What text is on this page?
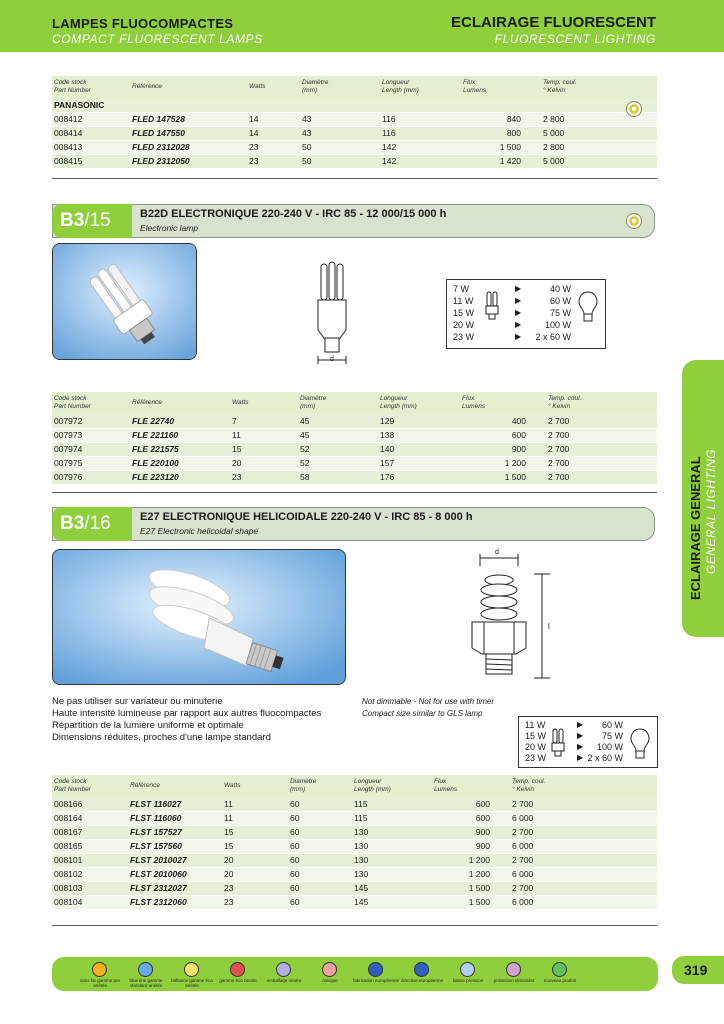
LAMPES FLUOCOMPACTES
COMPACT FLUORESCENT LAMPS
ECLAIRAGE FLUORESCENT
FLUORESCENT LIGHTING
Code stock
Part Number	Référence	Watts	Diamètre
(mm)	Longueur
Length (mm)	Flux
Lumens	Temp. coul.
° Kelvin
PANASONIC						
008412	FLED 147528	14	43	116	840	2 800
008414	FLED 147550	14	43	116	800	5 000
008413	FLED 2312028	23	50	142	1 500	2 800
008415	FLED 2312050	23	50	142	1 420	5 000
B3/15	B22D ELECTRONIQUE 220-240 V - IRC 85 - 12 000/15 000 h
Electronic lamp
d
7 W	▶	40 W
11 W	▶	60 W
15 W	▶	75 W
20 W	▶	100 W
23 W	▶ 2 x 60 W
Code stock
Part Number	Référence	Watts	Diamètre
(mm)	Longueur
Length (mm)	Flux
Lumens	Temp. coul.
° Kelvin
007972	FLE 22740	7	45	129	400	2 700
007973	FLE 221160	11	45	138	600	2 700
007974	FLE 221575	15	52	140	900	2 700
007975	FLE 220100	20	52	157	1 200	2 700
007976	FLE 223120	23	58	176	1 500	2 700
B3/16	E27 ELECTRONIQUE HELICOIDALE 220-240 V - IRC 85 - 8 000 h
E27 Electronic helicoidal shape
d
l
Ne pas utiliser sur variateur ou minuterie
Haute intensité lumineuse par rapport aux autres fluocompactes
Répartition de la lumière uniforme et optimale
Dimensions réduites, proches d'une lampe standard
Not dimmable - Not for use with timer
Compact size similar to GLS lamp
11 W	▶ 60 W
15 W	▶ 75 W
20 W	▶ 100 W
23 W	▶ 2 x 60 W
Code stock
Part Number	Référence	Watts	Diamètre
(mm)	Longueur
Length (mm)	Flux
Lumens	Temp. coul.
° Kelvin
008166	FLST 116027	11	60	115	600	2 700
008164	FLST 116060	11	60	115	600	6 000
008167	FLST 157527	15	60	130	900	2 700
008165	FLST 157560	15	60	130	900	6 000
008101	FLST 2010027	20	60	130	1 200	2 700
008102	FLST 2010060	20	60	130	1 200	6 000
008103	FLST 2312027	23	60	145	1 500	2 700
008104	FLST 2312060	23	60	145	1 500	6 000
ECLAIRAGE GENERAL GENERAL LIGHTING
sans for gamme pro ariétés
blue line gamme standard ariétés
brillance gamme éco ariétés
gamme éco neutre	emballage neutre	marque	fabrication européenne directive européenne	basse pression	protection ultraviolet	nouveau produit
319
